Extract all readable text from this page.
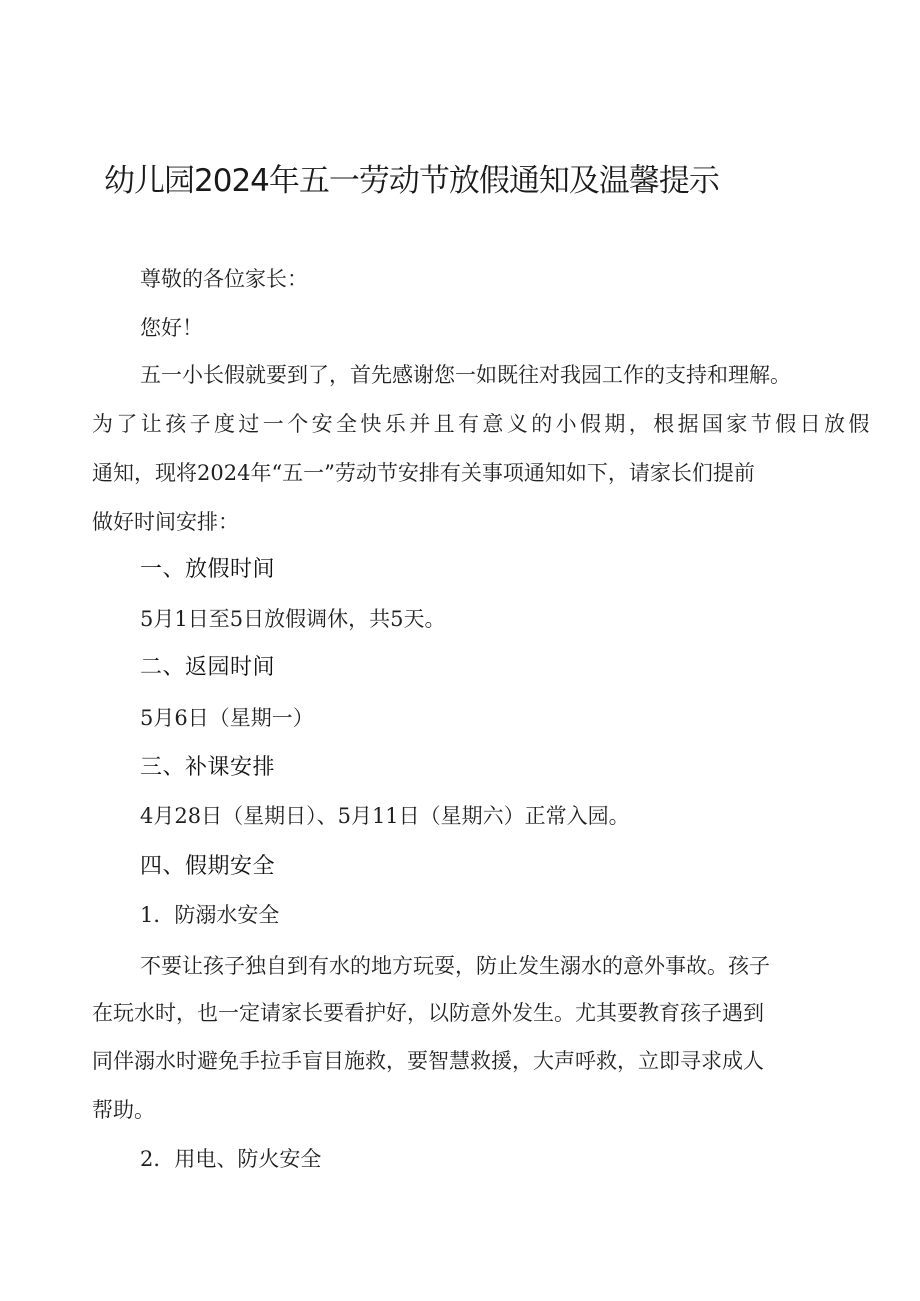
幼儿园2024年五一劳动节放假通知及温馨提示

尊敬的各位家长：

您好！

五一小长假就要到了，首先感谢您一如既往对我园工作的支持和理解。

为了让孩子度过一个安全快乐并且有意义的小假期，根据国家节假日放假

通知，现将2024年“五一”劳动节安排有关事项通知如下，请家长们提前

做好时间安排：

一、放假时间

5月1日至5日放假调休，共5天。

二、返园时间

5月6日（星期一）

三、补课安排

4月28日（星期日）、5月11日（星期六）正常入园。

四、假期安全

1．防溺水安全

不要让孩子独自到有水的地方玩耍，防止发生溺水的意外事故。孩子

在玩水时，也一定请家长要看护好，以防意外发生。尤其要教育孩子遇到

同伴溺水时避免手拉手盲目施救，要智慧救援，大声呼救，立即寻求成人

帮助。

2．用电、防火安全
